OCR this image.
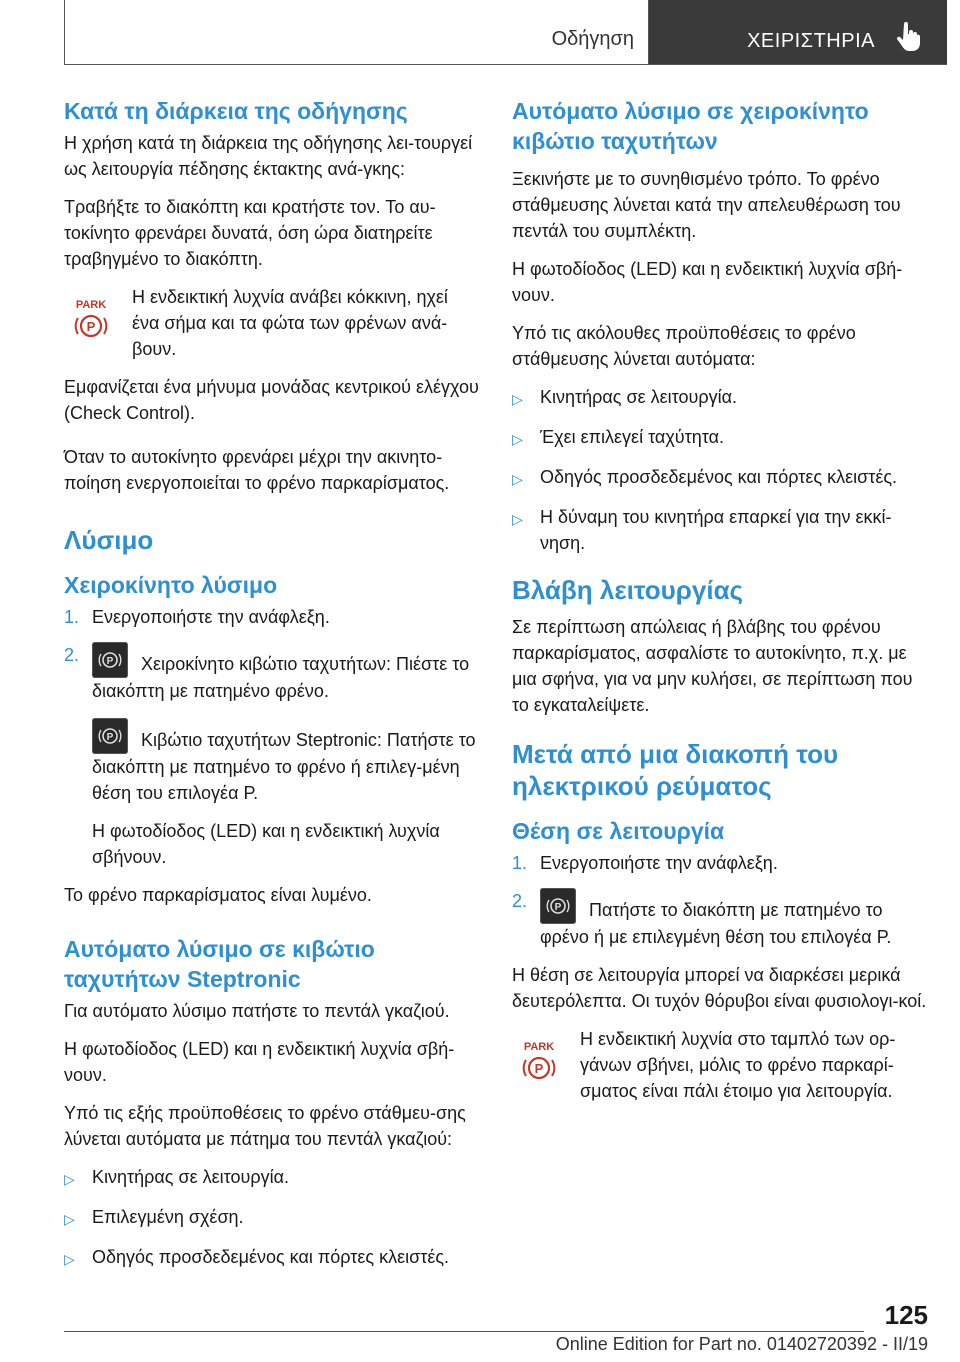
Οδήγηση	ΧΕΙΡΙΣΤΗΡΙΑ
Κατά τη διάρκεια της οδήγησης

Η χρήση κατά τη διάρκεια της οδήγησης λει-τουργεί ως λειτουργία πέδησης έκτακτης ανά-γκης:

Τραβήξτε το διακόπτη και κρατήστε τον. Το αυ-τοκίνητο φρενάρει δυνατά, όση ώρα διατηρείτε τραβηγμένο το διακόπτη.

PARK
P

Η ενδεικτική λυχνία ανάβει κόκκινη, ηχεί ένα σήμα και τα φώτα των φρένων ανά-βουν.

Εμφανίζεται ένα μήνυμα μονάδας κεντρικού ελέγχου (Check Control).

Όταν το αυτοκίνητο φρενάρει μέχρι την ακινητο-ποίηση ενεργοποιείται το φρένο παρκαρίσματος.

Λύσιμο
Χειροκίνητο λύσιμο
1. Ενεργοποιήστε την ανάφλεξη.
2.	P Χειροκίνητο κιβώτιο ταχυτήτων: Πιέστε το διακόπτη με πατημένο φρένο.
P Κιβώτιο ταχυτήτων Steptronic: Πατήστε το διακόπτη με πατημένο το φρένο ή επιλεγ-μένη θέση του επιλογέα P.
Η φωτοδίοδος (LED) και η ενδεικτική λυχνία σβήνουν.

Το φρένο παρκαρίσματος είναι λυμένο.

Αυτόματο λύσιμο σε κιβώτιο ταχυτήτων Steptronic

Για αυτόματο λύσιμο πατήστε το πεντάλ γκαζιού.

Η φωτοδίοδος (LED) και η ενδεικτική λυχνία σβή-νουν.

Υπό τις εξής προϋποθέσεις το φρένο στάθμευ-σης λύνεται αυτόματα με πάτημα του πεντάλ γκαζιού:

▷ Κινητήρας σε λειτουργία.
▷ Επιλεγμένη σχέση.
▷ Οδηγός προσδεδεμένος και πόρτες κλειστές.
Αυτόματο λύσιμο σε χειροκίνητο κιβώτιο ταχυτήτων

Ξεκινήστε με το συνηθισμένο τρόπο. Το φρένο στάθμευσης λύνεται κατά την απελευθέρωση του πεντάλ του συμπλέκτη.

Η φωτοδίοδος (LED) και η ενδεικτική λυχνία σβή-νουν.

Υπό τις ακόλουθες προϋποθέσεις το φρένο στάθμευσης λύνεται αυτόματα:

▷ Κινητήρας σε λειτουργία.
▷ Έχει επιλεγεί ταχύτητα.
▷ Οδηγός προσδεδεμένος και πόρτες κλειστές.
▷ Η δύναμη του κινητήρα επαρκεί για την εκκί-νηση.
Βλάβη λειτουργίας

Σε περίπτωση απώλειας ή βλάβης του φρένου παρκαρίσματος, ασφαλίστε το αυτοκίνητο, π.χ. με μια σφήνα, για να μην κυλήσει, σε περίπτωση που το εγκαταλείψετε.

Μετά από μια διακοπή του ηλεκτρικού ρεύματος
Θέση σε λειτουργία
1. Ενεργοποιήστε την ανάφλεξη.
2.	P Πατήστε το διακόπτη με πατημένο το φρένο ή με επιλεγμένη θέση του επιλογέα P.

Η θέση σε λειτουργία μπορεί να διαρκέσει μερικά δευτερόλεπτα. Οι τυχόν θόρυβοι είναι φυσιολογι-κοί.

PARK
P

Η ενδεικτική λυχνία στο ταμπλό των ορ-γάνων σβήνει, μόλις το φρένο παρκαρί-σματος είναι πάλι έτοιμο για λειτουργία.

125
Online Edition for Part no. 01402720392 - II/19
